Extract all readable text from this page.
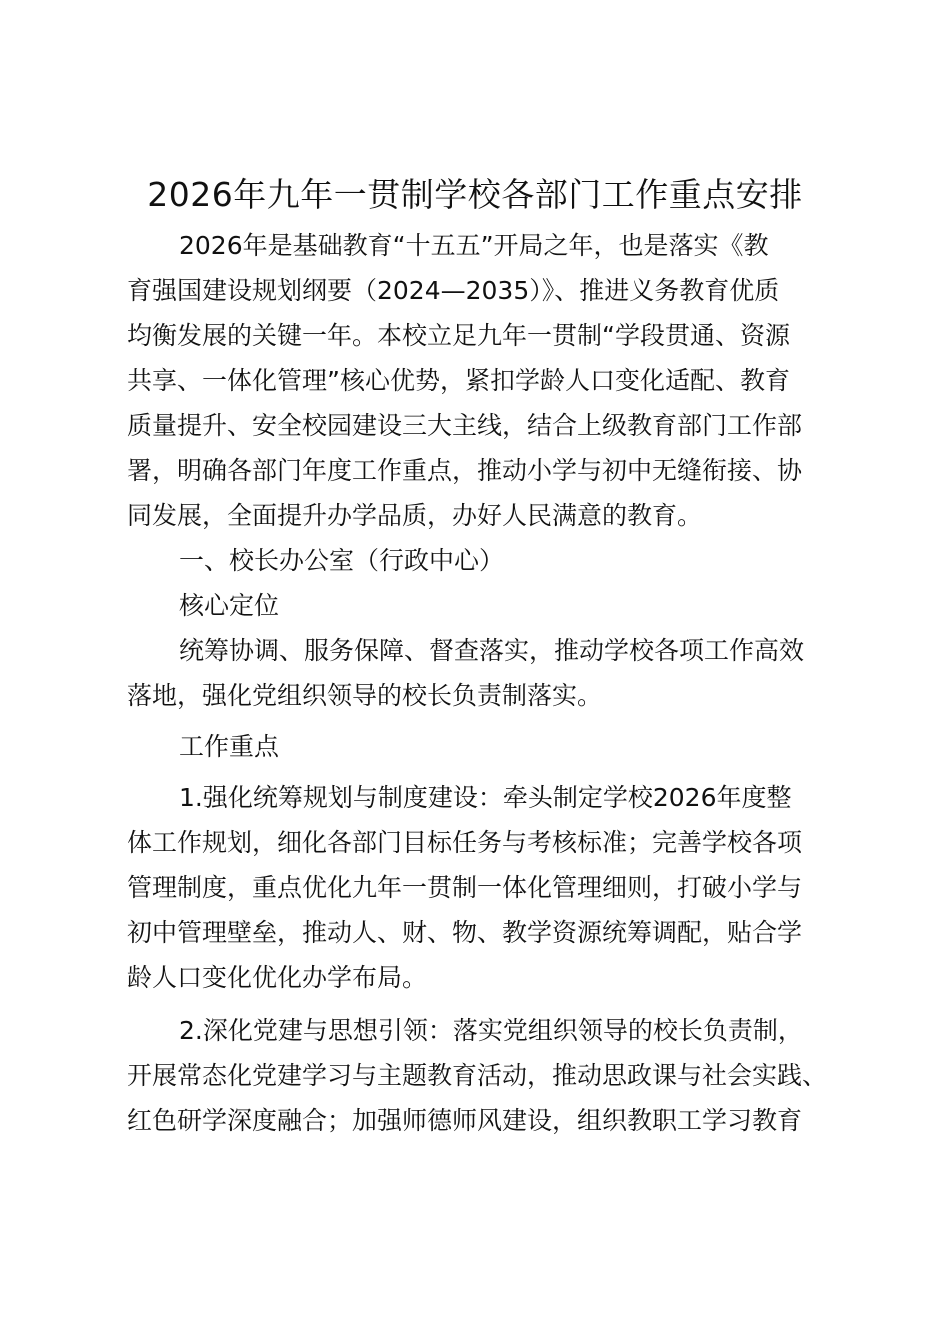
2026年九年一贯制学校各部门工作重点安排
2026年是基础教育“十五五”开局之年，也是落实《教
育强国建设规划纲要（2024—2035）》、推进义务教育优质
均衡发展的关键一年。本校立足九年一贯制“学段贯通、资源
共享、一体化管理”核心优势，紧扣学龄人口变化适配、教育
质量提升、安全校园建设三大主线，结合上级教育部门工作部
署，明确各部门年度工作重点，推动小学与初中无缝衔接、协
同发展，全面提升办学品质，办好人民满意的教育。
一、校长办公室（行政中心）
核心定位
统筹协调、服务保障、督查落实，推动学校各项工作高效
落地，强化党组织领导的校长负责制落实。
工作重点
1.强化统筹规划与制度建设：牵头制定学校2026年度整
体工作规划，细化各部门目标任务与考核标准；完善学校各项
管理制度，重点优化九年一贯制一体化管理细则，打破小学与
初中管理壁垒，推动人、财、物、教学资源统筹调配，贴合学
龄人口变化优化办学布局。
2.深化党建与思想引领：落实党组织领导的校长负责制，
开展常态化党建学习与主题教育活动，推动思政课与社会实践、
红色研学深度融合；加强师德师风建设，组织教职工学习教育
